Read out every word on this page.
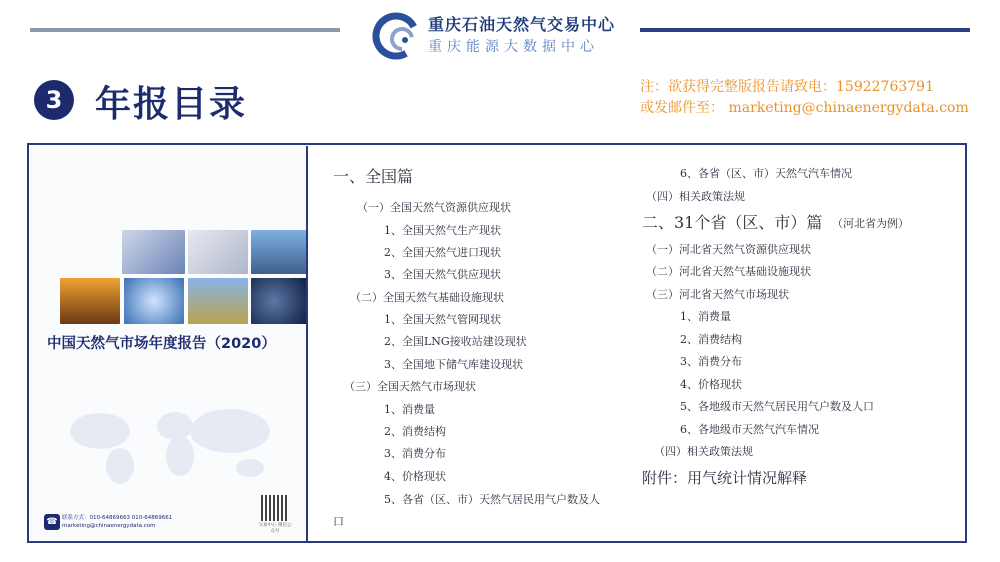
重庆石油天然气交易中心
重庆能源大数据中心
3 年报目录	注：欲获得完整版报告请致电：15922763791
或发邮件至： marketing@chinaenergydata.com
中国天然气市场年度报告（2020）
☎ 联系方式：010-64869663 010-64869661
marketing@chinaenergydata.com	交易中心 微信公众号
一、全国篇
（一）全国天然气资源供应现状
1、全国天然气生产现状
2、全国天然气进口现状
3、全国天然气供应现状
（二）全国天然气基础设施现状
1、全国天然气管网现状
2、全国LNG接收站建设现状
3、全国地下储气库建设现状
（三）全国天然气市场现状
1、消费量
2、消费结构
3、消费分布
4、价格现状
5、各省（区、市）天然气居民用气户数及人
口
6、各省（区、市）天然气汽车情况
（四）相关政策法规
二、31个省（区、市）篇 （河北省为例）
（一）河北省天然气资源供应现状
（二）河北省天然气基础设施现状
（三）河北省天然气市场现状
1、消费量
2、消费结构
3、消费分布
4、价格现状
5、各地级市天然气居民用气户数及人口
6、各地级市天然气汽车情况
（四）相关政策法规
附件：用气统计情况解释
